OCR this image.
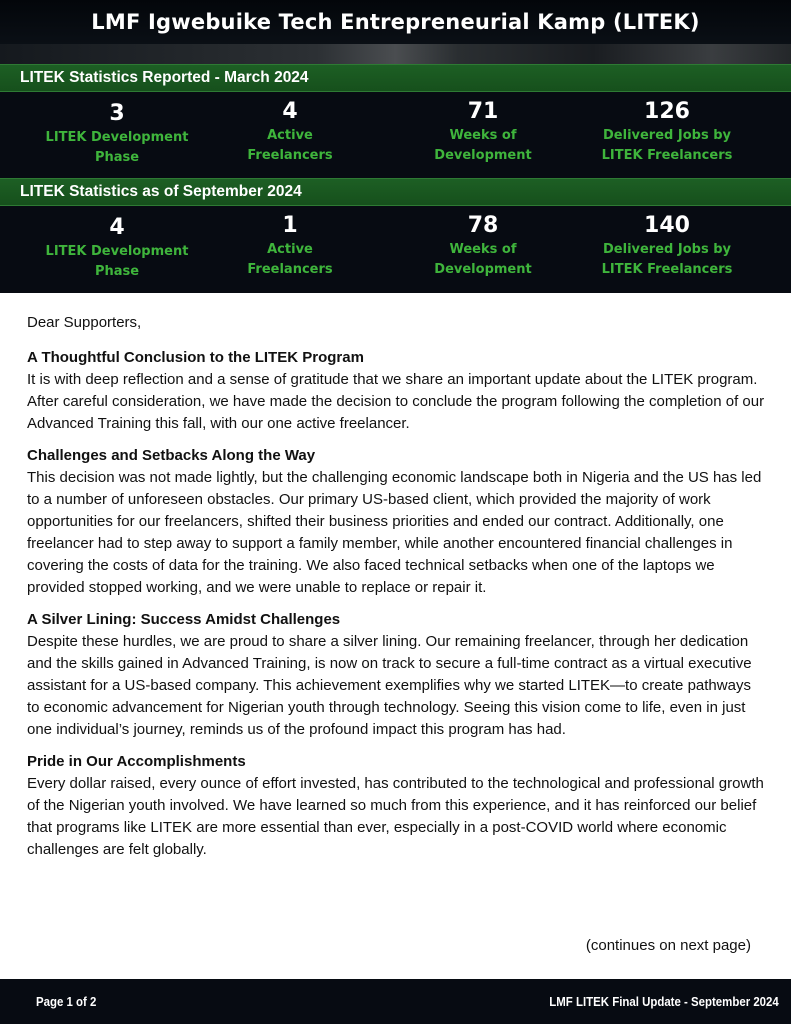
LMF Igwebuike Tech Entrepreneurial Kamp (LITEK)
LITEK Statistics Reported - March 2024
3
LITEK Development
Phase
4
Active
Freelancers
71
Weeks of
Development
126
Delivered Jobs by
LITEK Freelancers
LITEK Statistics as of September 2024
4
LITEK Development
Phase
1
Active
Freelancers
78
Weeks of
Development
140
Delivered Jobs by
LITEK Freelancers

Dear Supporters,

A Thoughtful Conclusion to the LITEK Program

It is with deep reflection and a sense of gratitude that we share an important update about the LITEK program. After careful consideration, we have made the decision to conclude the program following the completion of our Advanced Training this fall, with our one active freelancer.

Challenges and Setbacks Along the Way

This decision was not made lightly, but the challenging economic landscape both in Nigeria and the US has led to a number of unforeseen obstacles. Our primary US-based client, which provided the majority of work opportunities for our freelancers, shifted their business priorities and ended our contract. Additionally, one freelancer had to step away to support a family member, while another encountered financial challenges in covering the costs of data for the training. We also faced technical setbacks when one of the laptops we provided stopped working, and we were unable to replace or repair it.

A Silver Lining: Success Amidst Challenges

Despite these hurdles, we are proud to share a silver lining. Our remaining freelancer, through her dedication and the skills gained in Advanced Training, is now on track to secure a full-time contract as a virtual executive assistant for a US-based company. This achievement exemplifies why we started LITEK—to create pathways to economic advancement for Nigerian youth through technology. Seeing this vision come to life, even in just one individual’s journey, reminds us of the profound impact this program has had.

Pride in Our Accomplishments

Every dollar raised, every ounce of effort invested, has contributed to the technological and professional growth of the Nigerian youth involved. We have learned so much from this experience, and it has reinforced our belief that programs like LITEK are more essential than ever, especially in a post-COVID world where economic challenges are felt globally.

(continues on next page)
Page 1 of 2	LMF LITEK Final Update - September 2024
